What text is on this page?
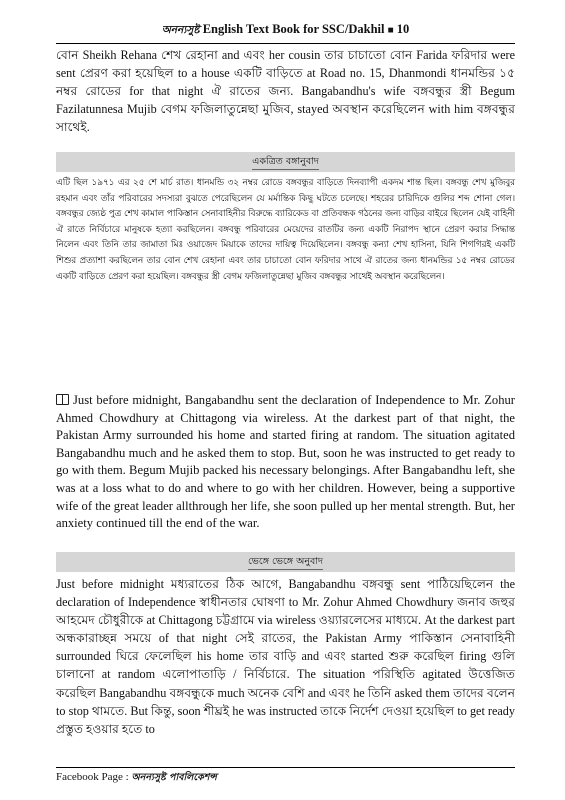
অনন্যসুষ্ট English Text Book for SSC/Dakhil ■ 10

বোন Sheikh Rehana শেখ রেহানা and এবং her cousin তার চাচাতো বোন Farida ফরিদার were sent প্রেরণ করা হয়েছিল to a house একটি বাড়িতে at Road no. 15, Dhanmondi ধানমন্ডির ১৫ নম্বর রোডের for that night ঐ রাতের জন্য. Bangabandhu's wife বঙ্গবন্ধুর স্ত্রী Begum Fazilatunnesa Mujib বেগম ফজিলাতুন্নেছা মুজিব, stayed অবস্থান করেছিলেন with him বঙ্গবন্ধুর সাথেই.

একত্রিত বঙ্গানুবাদ

এটি ছিল ১৯৭১ এর ২৫ শে মার্চ রাত। ধানমন্ডি ৩২ নম্বর রোডে বঙ্গবন্ধুর বাড়িতে দিনব্যাপী একদম শান্ত ছিল। বঙ্গবন্ধু শেখ মুজিবুর রহমান এবং তাঁর পরিবারের সদস্যরা বুঝতে পেরেছিলেন যে মর্মান্তিক কিছু ঘটতে চলেছে। শহরের চারিদিকে গুলির শব্দ শোনা গেল। বঙ্গবন্ধুর জ্যেষ্ঠ পুত্র শেখ কামাল পাকিস্তান সেনাবাহিনীর বিরুদ্ধে ব্যারিকেড বা প্রতিবন্ধক গঠনের জন্য বাড়ির বাইরে ছিলেন যেই বাহিনী ঐ রাতে নির্বিচারে মানুষকে হত্যা করছিলেন। বঙ্গবন্ধু পরিবারের মেয়েদের রাতটির জন্য একটি নিরাপদ স্থানে প্রেরণ করার সিদ্ধান্ত নিলেন এবং তিনি তার জামাতা মিঃ ওয়াজেদ মিয়াকে তাদের দায়িত্ব দিয়েছিলেন। বঙ্গবন্ধু কন্যা শেখ হাসিনা, যিনি শিগগিরই একটি শিশুর প্রত্যাশা করছিলেন তার বোন শেখ রেহানা এবং তার চাচাতো বোন ফরিদার সাথে ঐ রাতের জন্য ধানমন্ডির ১৫ নম্বর রোডের একটি বাড়িতে প্রেরণ করা হয়েছিল। বঙ্গবন্ধুর স্ত্রী বেগম ফজিলাতুন্নেছা মুজিব বঙ্গবন্ধুর সাথেই অবস্থান করেছিলেন।

Just before midnight, Bangabandhu sent the declaration of Independence to Mr. Zohur Ahmed Chowdhury at Chittagong via wireless. At the darkest part of that night, the Pakistan Army surrounded his home and started firing at random. The situation agitated Bangabandhu much and he asked them to stop. But, soon he was instructed to get ready to go with them. Begum Mujib packed his necessary belongings. After Bangabandhu left, she was at a loss what to do and where to go with her children. However, being a supportive wife of the great leader allthrough her life, she soon pulled up her mental strength. But, her anxiety continued till the end of the war.

ভেঙ্গে ভেঙ্গে অনুবাদ

Just before midnight মধ্যরাতের ঠিক আগে, Bangabandhu বঙ্গবন্ধু sent পাঠিয়েছিলেন the declaration of Independence স্বাধীনতার ঘোষণা to Mr. Zohur Ahmed Chowdhury জনাব জহুর আহমেদ চৌধুরীকে at Chittagong চট্টগ্রামে via wireless ওয়্যারলেসের মাধ্যমে. At the darkest part অন্ধকারাচ্ছন্ন সময়ে of that night সেই রাতের, the Pakistan Army পাকিস্তান সেনাবাহিনী surrounded ঘিরে ফেলেছিল his home তার বাড়ি and এবং started শুরু করেছিল firing গুলি চালানো at random এলোপাতাড়ি / নির্বিচারে. The situation পরিস্থিতি agitated উত্তেজিত করেছিল Bangabandhu বঙ্গবন্ধুকে much অনেক বেশি and এবং he তিনি asked them তাদের বলেন to stop থামতে. But কিন্তু, soon শীঘ্রই he was instructed তাকে নির্দেশ দেওয়া হয়েছিল to get ready প্রস্তুত হওয়ার হতে to

Facebook Page : অনন্যসুষ্ট পাবলিকেশন্স
